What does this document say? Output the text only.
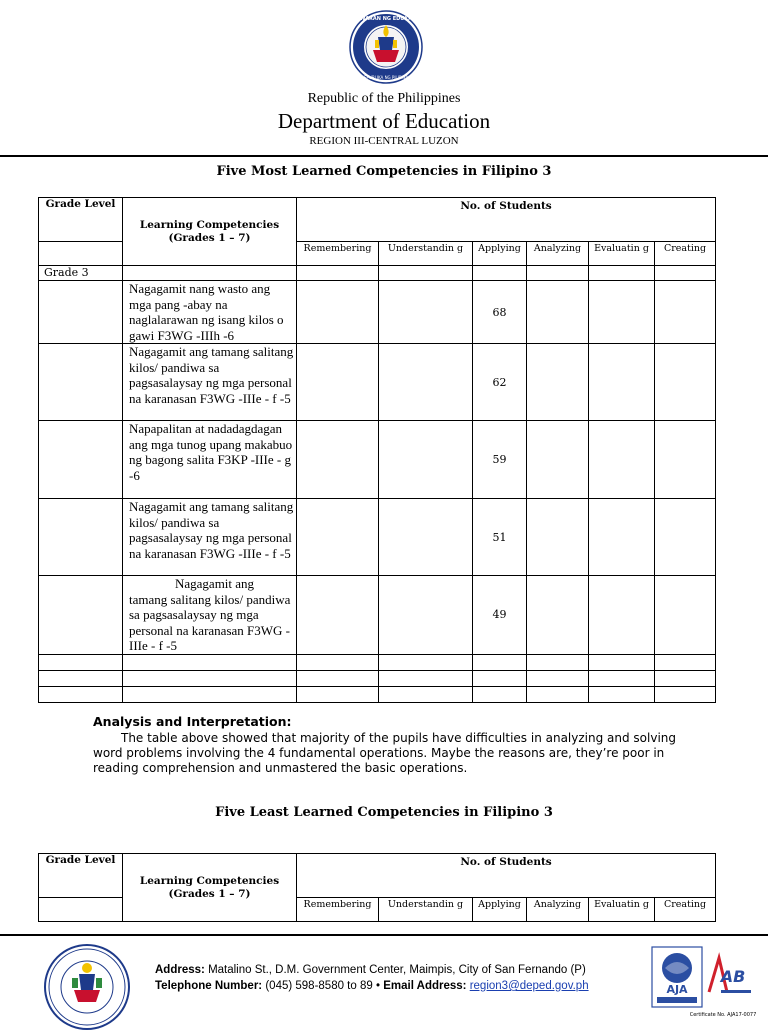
KAGAWARAN NG EDUKASYON
REPUBLIKA NG PILIPINAS
Republic of the Philippines
Department of Education
REGION III-CENTRAL LUZON
Five Most Learned Competencies in Filipino 3
Grade Level	Learning Competencies (Grades 1 – 7)	No. of Students					
		Remembering	Understandin g	Applying	Analyzing	Evaluatin g	Creating
Grade 3							
	Nagagamit nang wasto ang mga pang -abay na naglalarawan ng isang kilos o gawi F3WG -IIIh -6			68			
	Nagagamit ang tamang salitang kilos/ pandiwa sa pagsasalaysay ng mga personal na karanasan F3WG -IIIe - f -5			62			
	Napapalitan at nadadagdagan ang mga tunog upang makabuo ng bagong salita F3KP -IIIe - g -6			59			
	Nagagamit ang tamang salitang kilos/ pandiwa sa pagsasalaysay ng mga personal na karanasan F3WG -IIIe - f -5			51			
	Nagagamit ang tamang salitang kilos/ pandiwa sa pagsasalaysay ng mga personal na karanasan F3WG -IIIe - f -5			49			

Analysis and Interpretation:
The table above showed that majority of the pupils have difficulties in analyzing and solving word problems involving the 4 fundamental operations. Maybe the reasons are, they’re poor in reading comprehension and unmastered the basic operations.
Five Least Learned Competencies in Filipino 3
Grade Level	Learning Competencies (Grades 1 – 7)	No. of Students					
		Remembering	Understandin g	Applying	Analyzing	Evaluatin g	Creating
Address: Matalino St., D.M. Government Center, Maimpis, City of San Fernando (P)
Telephone Number: (045) 598-8580 to 89 • Email Address: region3@deped.gov.ph	AJA
AB
Certificate No. AJA17-0077
